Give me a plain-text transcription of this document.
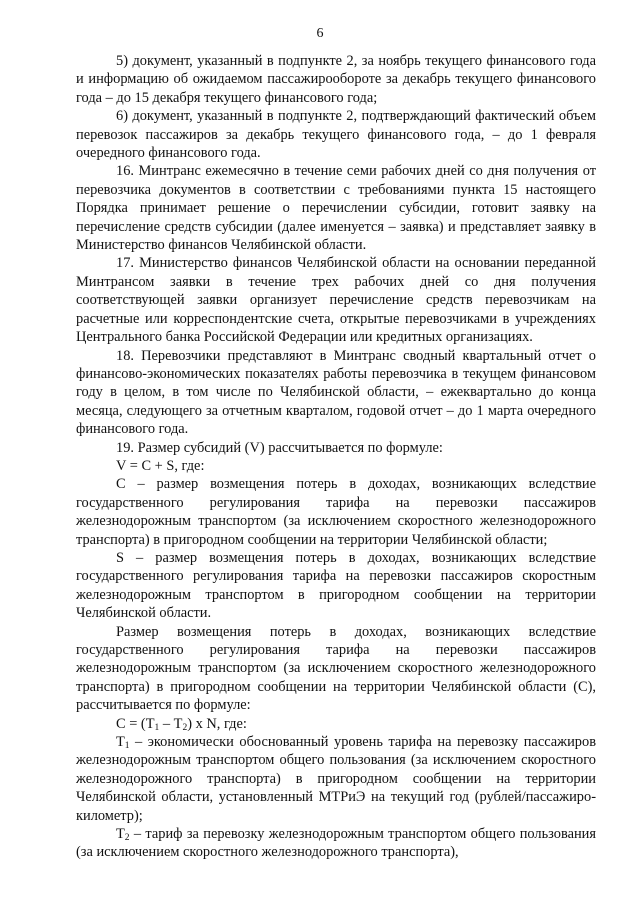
6

5) документ, указанный в подпункте 2, за ноябрь текущего финансового года и информацию об ожидаемом пассажирообороте за декабрь текущего финансового года – до 15 декабря текущего финансового года;

6) документ, указанный в подпункте 2, подтверждающий фактический объем перевозок пассажиров за декабрь текущего финансового года, – до 1 февраля очередного финансового года.

16. Минтранс ежемесячно в течение семи рабочих дней со дня получения от перевозчика документов в соответствии с требованиями пункта 15 настоящего Порядка принимает решение о перечислении субсидии, готовит заявку на перечисление средств субсидии (далее именуется – заявка) и представляет заявку в Министерство финансов Челябинской области.

17. Министерство финансов Челябинской области на основании переданной Минтрансом заявки в течение трех рабочих дней со дня получения соответствующей заявки организует перечисление средств перевозчикам на расчетные или корреспондентские счета, открытые перевозчиками в учреждениях Центрального банка Российской Федерации или кредитных организациях.

18. Перевозчики представляют в Минтранс сводный квартальный отчет о финансово-экономических показателях работы перевозчика в текущем финансовом году в целом, в том числе по Челябинской области, – ежеквартально до конца месяца, следующего за отчетным кварталом, годовой отчет – до 1 марта очередного финансового года.

19. Размер субсидий (V) рассчитывается по формуле:

V = C + S, где:

С – размер возмещения потерь в доходах, возникающих вследствие государственного регулирования тарифа на перевозки пассажиров железнодорожным транспортом (за исключением скоростного железнодорожного транспорта) в пригородном сообщении на территории Челябинской области;

S – размер возмещения потерь в доходах, возникающих вследствие государственного регулирования тарифа на перевозки пассажиров скоростным железнодорожным транспортом в пригородном сообщении на территории Челябинской области.

Размер возмещения потерь в доходах, возникающих вследствие государственного регулирования тарифа на перевозки пассажиров железнодорожным транспортом (за исключением скоростного железнодорожного транспорта) в пригородном сообщении на территории Челябинской области (С), рассчитывается по формуле:

$С = (Т_1 - Т_2)$ x N, где:

$Т_1$ – экономически обоснованный уровень тарифа на перевозку пассажиров железнодорожным транспортом общего пользования (за исключением скоростного железнодорожного транспорта) в пригородном сообщении на территории Челябинской области, установленный МТРиЭ на текущий год (рублей/пассажиро-километр);

$Т_2$ – тариф за перевозку железнодорожным транспортом общего пользования (за исключением скоростного железнодорожного транспорта),
